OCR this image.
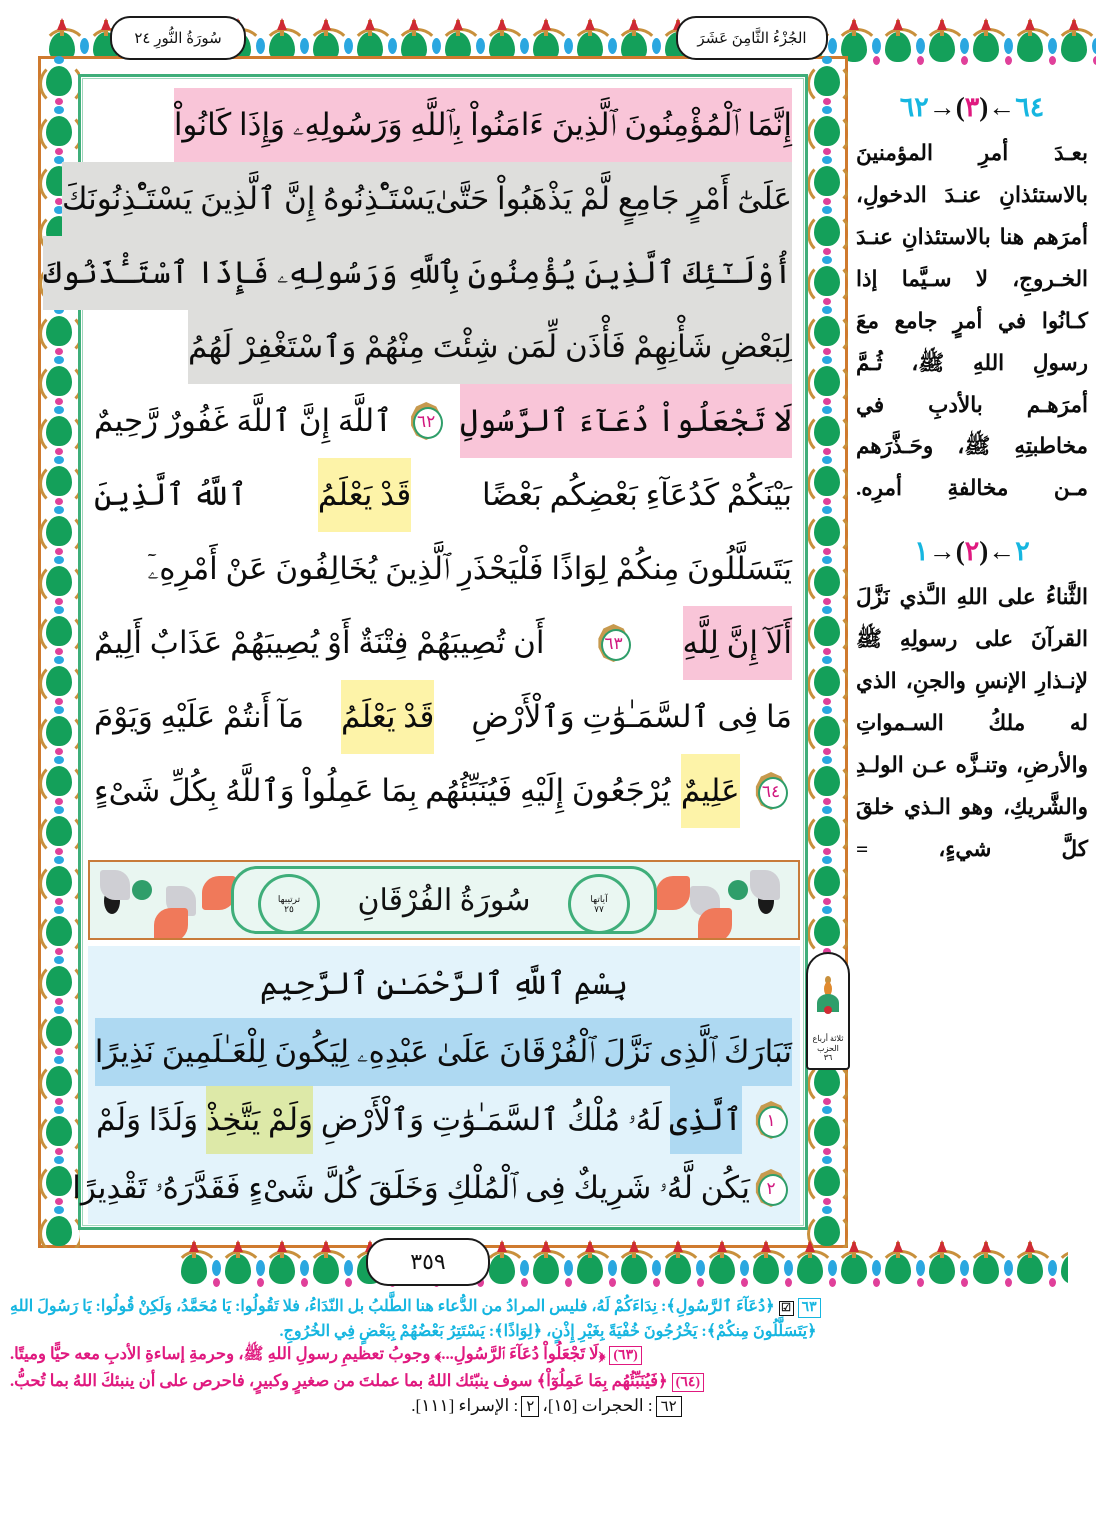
سُورَةُ النُّورِ ٢٤	الجُزْءُ الثَّامِنَ عَشَرَ
إِنَّمَا ٱلْمُؤْمِنُونَ ٱلَّذِينَ ءَامَنُواْ بِٱللَّهِ وَرَسُولِهِۦ وَإِذَا كَانُواْ
عَلَىٰٓ أَمْرٍ جَامِعٍ لَّمْ يَذْهَبُواْ حَتَّىٰ
يَسْتَـْٔذِنُوهُ إِنَّ ٱلَّذِينَ يَسْتَـْٔذِنُونَكَ
أُوْلَـٰٓئِكَ ٱلَّذِينَ يُؤْمِنُونَ بِٱللَّهِ وَرَسُولِهِۦ فَإِذَا ٱسْتَـْٔذَنُوكَ
لِبَعْضِ شَأْنِهِمْ فَأْذَن لِّمَن شِئْتَ مِنْهُمْ وَٱسْتَغْفِرْ لَهُمُ
لَا تَجْعَلُواْ دُعَآءَ ٱلرَّسُولِ
٦٢
ٱللَّهَ إِنَّ ٱللَّهَ غَفُورٌ رَّحِيمٌ
بَيْنَكُمْ كَدُعَآءِ بَعْضِكُم بَعْضًا
قَدْ يَعْلَمُ
ٱللَّهُ ٱلَّذِينَ
يَتَسَلَّلُونَ مِنكُمْ لِوَاذًا فَلْيَحْذَرِ ٱلَّذِينَ يُخَالِفُونَ عَنْ أَمْرِهِۦٓ
أَلَآ إِنَّ لِلَّهِ
٦٣
أَن تُصِيبَهُمْ فِتْنَةٌ أَوْ يُصِيبَهُمْ عَذَابٌ أَلِيمٌ
مَا فِى ٱلسَّمَـٰوَٰتِ وَٱلْأَرْضِ
قَدْ يَعْلَمُ
مَآ أَنتُمْ عَلَيْهِ وَيَوْمَ
٦٤
عَلِيمٌ
يُرْجَعُونَ إِلَيْهِ فَيُنَبِّئُهُم بِمَا عَمِلُواْ وَٱللَّهُ بِكُلِّ شَىْءٍ
آياتها
٧٧
سُورَةُ الفُرْقَانِ
ترتيبها
٢٥
بِسْمِ ٱللَّهِ ٱلرَّحْمَـٰنِ ٱلرَّحِيمِ
تَبَارَكَ ٱلَّذِى نَزَّلَ ٱلْفُرْقَانَ عَلَىٰ عَبْدِهِۦ لِيَكُونَ لِلْعَـٰلَمِينَ نَذِيرًا
١
ٱلَّذِى
لَهُۥ مُلْكُ ٱلسَّمَـٰوَٰتِ وَٱلْأَرْضِ
وَلَمْ يَتَّخِذْ
وَلَدًا وَلَمْ
٢
يَكُن لَّهُۥ شَرِيكٌ فِى ٱلْمُلْكِ وَخَلَقَ كُلَّ شَىْءٍ فَقَدَّرَهُۥ تَقْدِيرًا
ثلاثة أرباع
الحزب
٣٦
٣٥٩
٦٤←(٣)→٦٢
بعـدَ أمرِ المؤمنينَ بالاستئذانِ عنـدَ الدخولِ، أمرَهم هنا بالاستئذانِ عنـدَ الخـروجِ، لا سـيَّما إذا كـانُوا في أمرٍ جامع معَ رسولِ اللهِ ﷺ، ثُـمَّ أمرَهـم بالأدبِ في مخاطبتِهِ ﷺ، وحَـذَّرَهم مـن مخالفةِ أمرِه.
٢←(٢)→١
الثَّناءُ على اللهِ الـَّذي نَزَّلَ القرآنَ على رسولِهِ ﷺ لإنـذارِ الإنسِ والجنِ، الذي له ملكُ السـمواتِ والأرضِ، وتنـزَّه عـن الولـدِ والشَّريكِ، وهو الـذي خلقَ كلَّ شيءٍ، =
٦٣
☑
﴿دُعَآءَ ٱلرَّسُولِ﴾: نِدَاءَكُمْ لَهُ، فليس المرادُ من الدُّعاء هنا الطَّلبُ بل النّدَاءُ، فلا تَقُولُوا: يَا مُحَمَّدُ، وَلَكِنْ قُولُوا: يَا رَسُولَ اللهِ
﴿يَتَسَلَّلُونَ مِنكُمْ﴾: يَخْرُجُونَ خُفْيَةً بِغَيْرِ إِذْنٍ، ﴿لِوَاذًا﴾: يَسْتَتِرُ بَعْضُهُمْ بِبَعْضٍ فِي الخُرُوجِ.
(٦٣)
﴿لَا تَجْعَلُواْ دُعَآءَ ٱلرَّسُولِ...﴾ وجوبُ تعظيمِ رسولِ اللهِ ﷺ، وحرمةِ إساءةِ الأدبِ معه حيًّا وميتًا.
(٦٤)
﴿فَيُنَبِّئُهُم بِمَا عَمِلُوٓاْ﴾ سوف ينبّئك اللهُ بما عملتَ من صغيرٍ وكبيرٍ، فاحرص على أن ينبئكَ اللهُ بما تُحبُّ.
٦٢
: الحجرات [١٥]،
٢
: الإسراء [١١١].
